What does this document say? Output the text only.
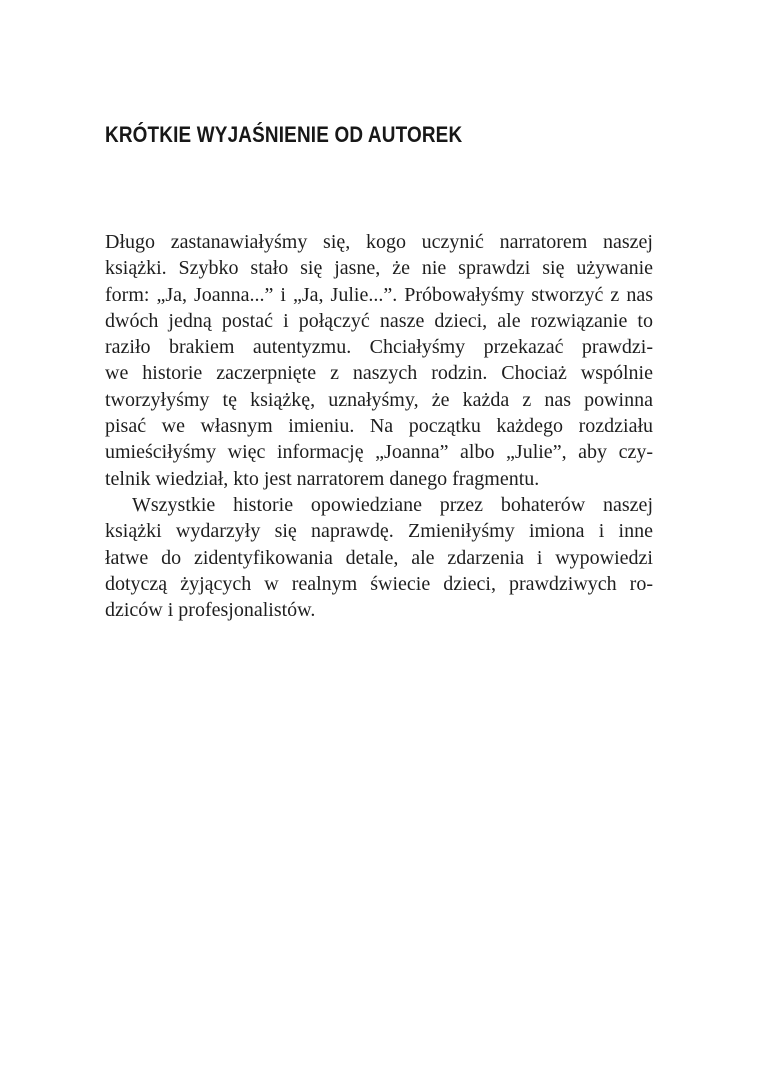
KRÓTKIE WYJAŚNIENIE OD AUTOREK
Długo zastanawiałyśmy się, kogo uczynić narratorem naszej
książki. Szybko stało się jasne, że nie sprawdzi się używanie
form: „Ja, Joanna...” i „Ja, Julie...”. Próbowałyśmy stworzyć z nas
dwóch jedną postać i połączyć nasze dzieci, ale rozwiązanie to
raziło brakiem autentyzmu. Chciałyśmy przekazać prawdzi-
we historie zaczerpnięte z naszych rodzin. Chociaż wspólnie
tworzyłyśmy tę książkę, uznałyśmy, że każda z nas powinna
pisać we własnym imieniu. Na początku każdego rozdziału
umieściłyśmy więc informację „Joanna” albo „Julie”, aby czy-
telnik wiedział, kto jest narratorem danego fragmentu.
Wszystkie historie opowiedziane przez bohaterów naszej
książki wydarzyły się naprawdę. Zmieniłyśmy imiona i inne
łatwe do zidentyfikowania detale, ale zdarzenia i wypowiedzi
dotyczą żyjących w realnym świecie dzieci, prawdziwych ro-
dziców i profesjonalistów.
